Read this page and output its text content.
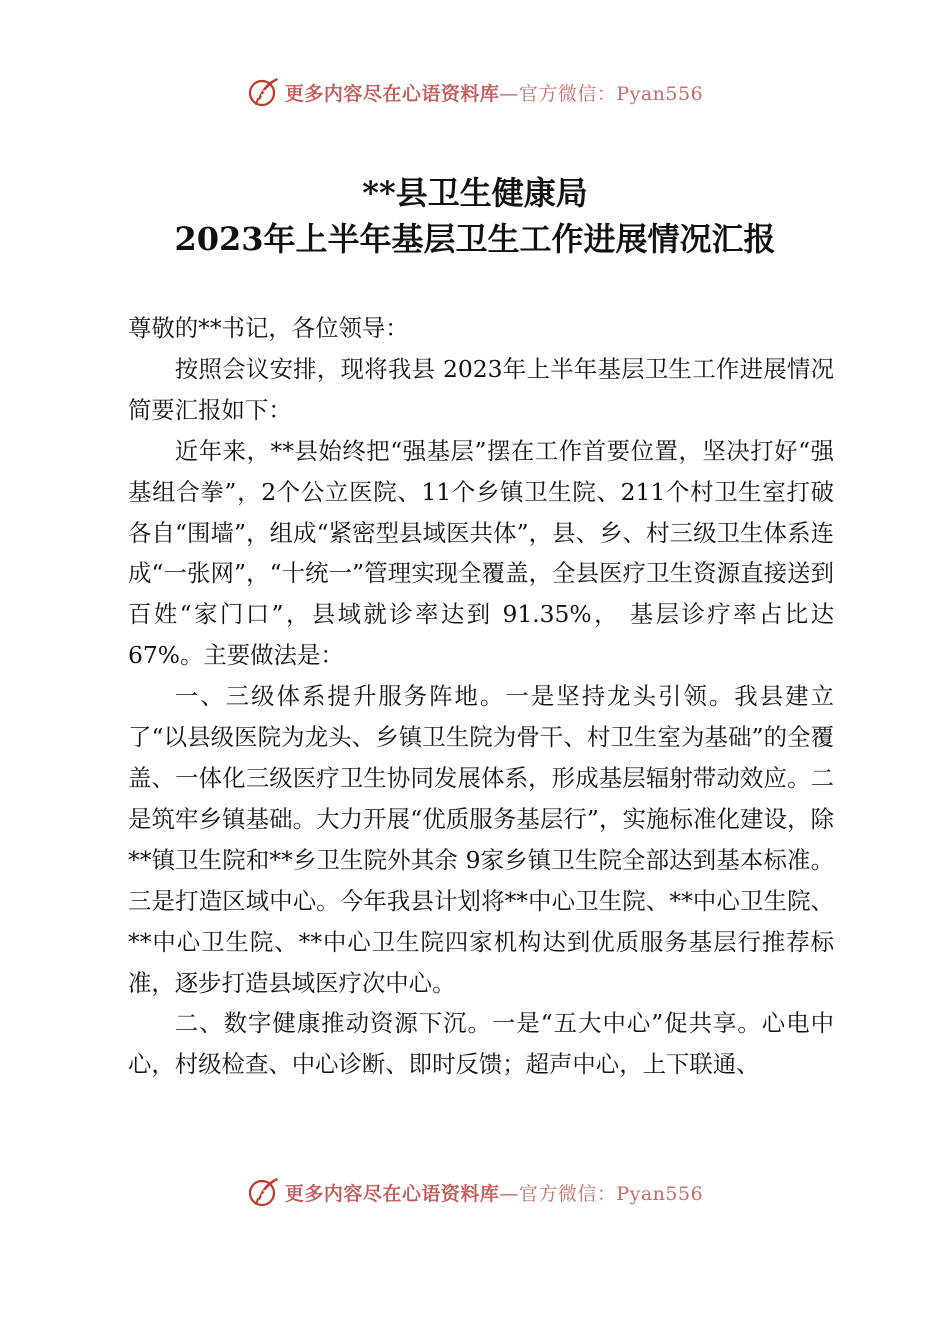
更多内容尽在心语资料库—官方微信：Pyan556
**县卫生健康局
2023年上半年基层卫生工作进展情况汇报

尊敬的**书记，各位领导：

按照会议安排，现将我县 2023年上半年基层卫生工作进展情况简要汇报如下：

近年来，**县始终把“强基层”摆在工作首要位置，坚决打好“强基组合拳”，2个公立医院、11个乡镇卫生院、211个村卫生室打破各自“围墙”，组成“紧密型县域医共体”，县、乡、村三级卫生体系连成“一张网”，“十统一”管理实现全覆盖，全县医疗卫生资源直接送到百姓“家门口”，县域就诊率达到 91.35%， 基层诊疗率占比达 67%。主要做法是：

一、三级体系提升服务阵地。一是坚持龙头引领。我县建立了“以县级医院为龙头、乡镇卫生院为骨干、村卫生室为基础”的全覆盖、一体化三级医疗卫生协同发展体系，形成基层辐射带动效应。二是筑牢乡镇基础。大力开展“优质服务基层行”，实施标准化建设，除**镇卫生院和**乡卫生院外其余 9家乡镇卫生院全部达到基本标准。三是打造区域中心。今年我县计划将**中心卫生院、**中心卫生院、**中心卫生院、**中心卫生院四家机构达到优质服务基层行推荐标准，逐步打造县域医疗次中心。

二、数字健康推动资源下沉。一是“五大中心”促共享。心电中心，村级检查、中心诊断、即时反馈；超声中心，上下联通、

更多内容尽在心语资料库—官方微信：Pyan556
